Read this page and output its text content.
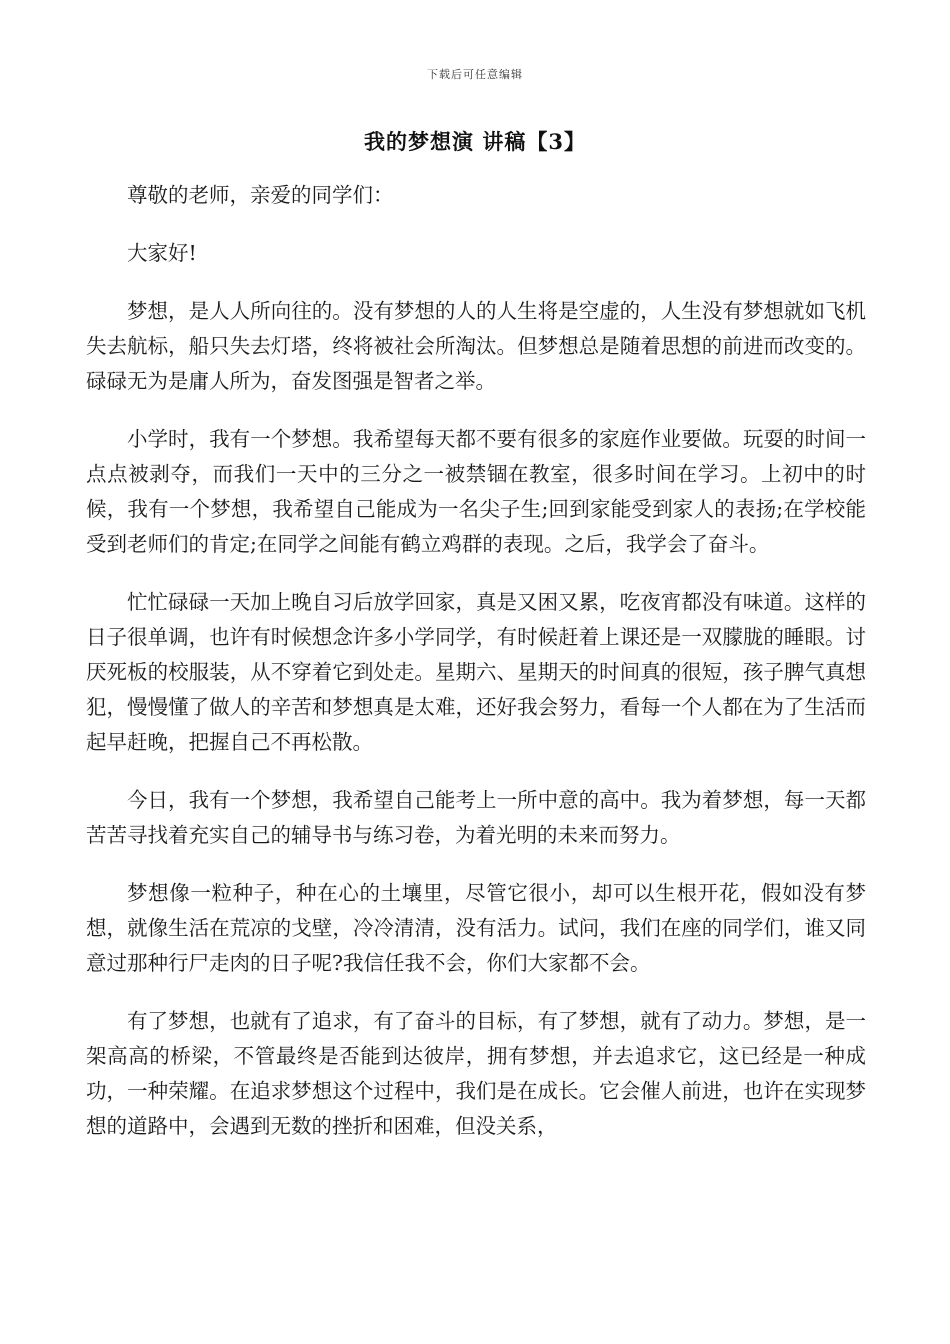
下载后可任意编辑
我的梦想演 讲稿【3】

尊敬的老师，亲爱的同学们：

大家好!

梦想，是人人所向往的。没有梦想的人的人生将是空虚的，人生没有梦想就如飞机失去航标，船只失去灯塔，终将被社会所淘汰。但梦想总是随着思想的前进而改变的。碌碌无为是庸人所为，奋发图强是智者之举。

小学时，我有一个梦想。我希望每天都不要有很多的家庭作业要做。玩耍的时间一点点被剥夺，而我们一天中的三分之一被禁锢在教室，很多时间在学习。上初中的时候，我有一个梦想，我希望自己能成为一名尖子生;回到家能受到家人的表扬;在学校能受到老师们的肯定;在同学之间能有鹤立鸡群的表现。之后，我学会了奋斗。

忙忙碌碌一天加上晚自习后放学回家，真是又困又累，吃夜宵都没有味道。这样的日子很单调，也许有时候想念许多小学同学，有时候赶着上课还是一双朦胧的睡眼。讨厌死板的校服装，从不穿着它到处走。星期六、星期天的时间真的很短，孩子脾气真想犯，慢慢懂了做人的辛苦和梦想真是太难，还好我会努力，看每一个人都在为了生活而起早赶晚，把握自己不再松散。

今日，我有一个梦想，我希望自己能考上一所中意的高中。我为着梦想，每一天都苦苦寻找着充实自己的辅导书与练习卷，为着光明的未来而努力。

梦想像一粒种子，种在心的土壤里，尽管它很小，却可以生根开花，假如没有梦想，就像生活在荒凉的戈壁，冷冷清清，没有活力。试问，我们在座的同学们，谁又同意过那种行尸走肉的日子呢?我信任我不会，你们大家都不会。

有了梦想，也就有了追求，有了奋斗的目标，有了梦想，就有了动力。梦想，是一架高高的桥梁，不管最终是否能到达彼岸，拥有梦想，并去追求它，这已经是一种成功，一种荣耀。在追求梦想这个过程中，我们是在成长。它会催人前进，也许在实现梦想的道路中，会遇到无数的挫折和困难，但没关系，
